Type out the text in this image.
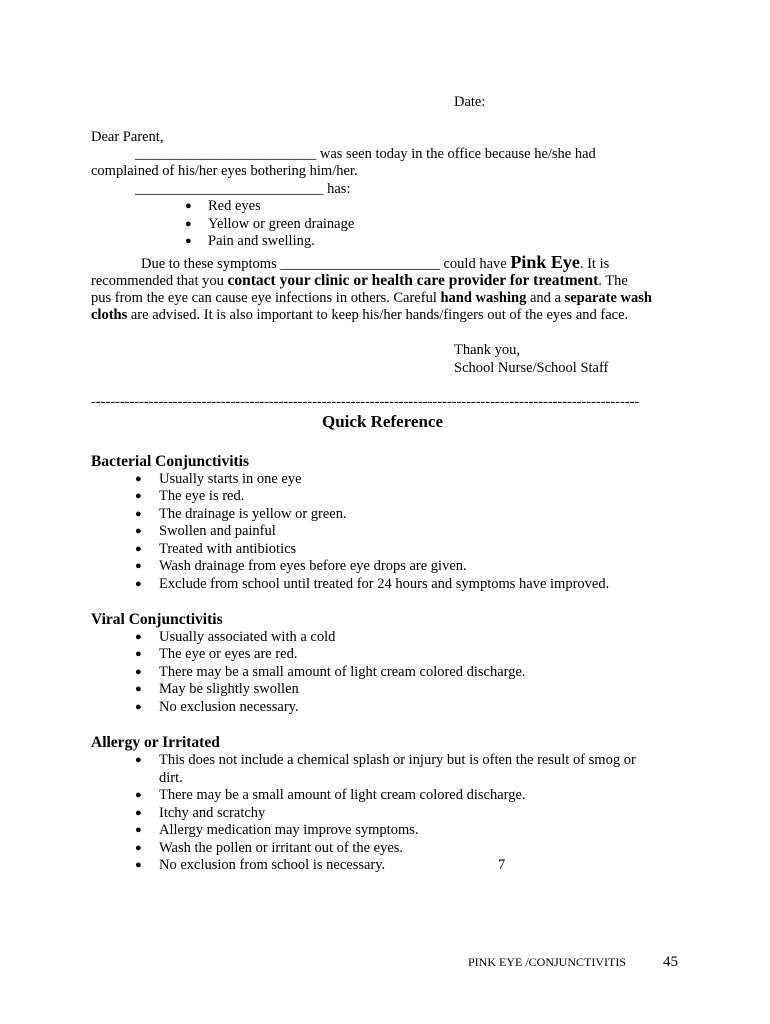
Date:
Dear Parent,
_________________________ was seen today in the office because he/she had
complained of his/her eyes bothering him/her.
__________________________ has:
● Red eyes
● Yellow or green drainage
● Pain and swelling.
Due to these symptoms ______________________ could have Pink Eye. It is
recommended that you contact your clinic or health care provider for treatment. The
pus from the eye can cause eye infections in others. Careful hand washing and a separate wash
cloths are advised. It is also important to keep his/her hands/fingers out of the eyes and face.
Thank you,
School Nurse/School Staff
------------------------------------------------------------------------------------------------------------------
Quick Reference
Bacterial Conjunctivitis
● Usually starts in one eye
● The eye is red.
● The drainage is yellow or green.
● Swollen and painful
● Treated with antibiotics
● Wash drainage from eyes before eye drops are given.
● Exclude from school until treated for 24 hours and symptoms have improved.
Viral Conjunctivitis
● Usually associated with a cold
● The eye or eyes are red.
● There may be a small amount of light cream colored discharge.
● May be slightly swollen
● No exclusion necessary.
Allergy or Irritated
● This does not include a chemical splash or injury but is often the result of smog or
dirt.
● There may be a small amount of light cream colored discharge.
● Itchy and scratchy
● Allergy medication may improve symptoms.
● Wash the pollen or irritant out of the eyes.
● No exclusion from school is necessary.	7
PINK EYE /CONJUNCTIVITIS 45
